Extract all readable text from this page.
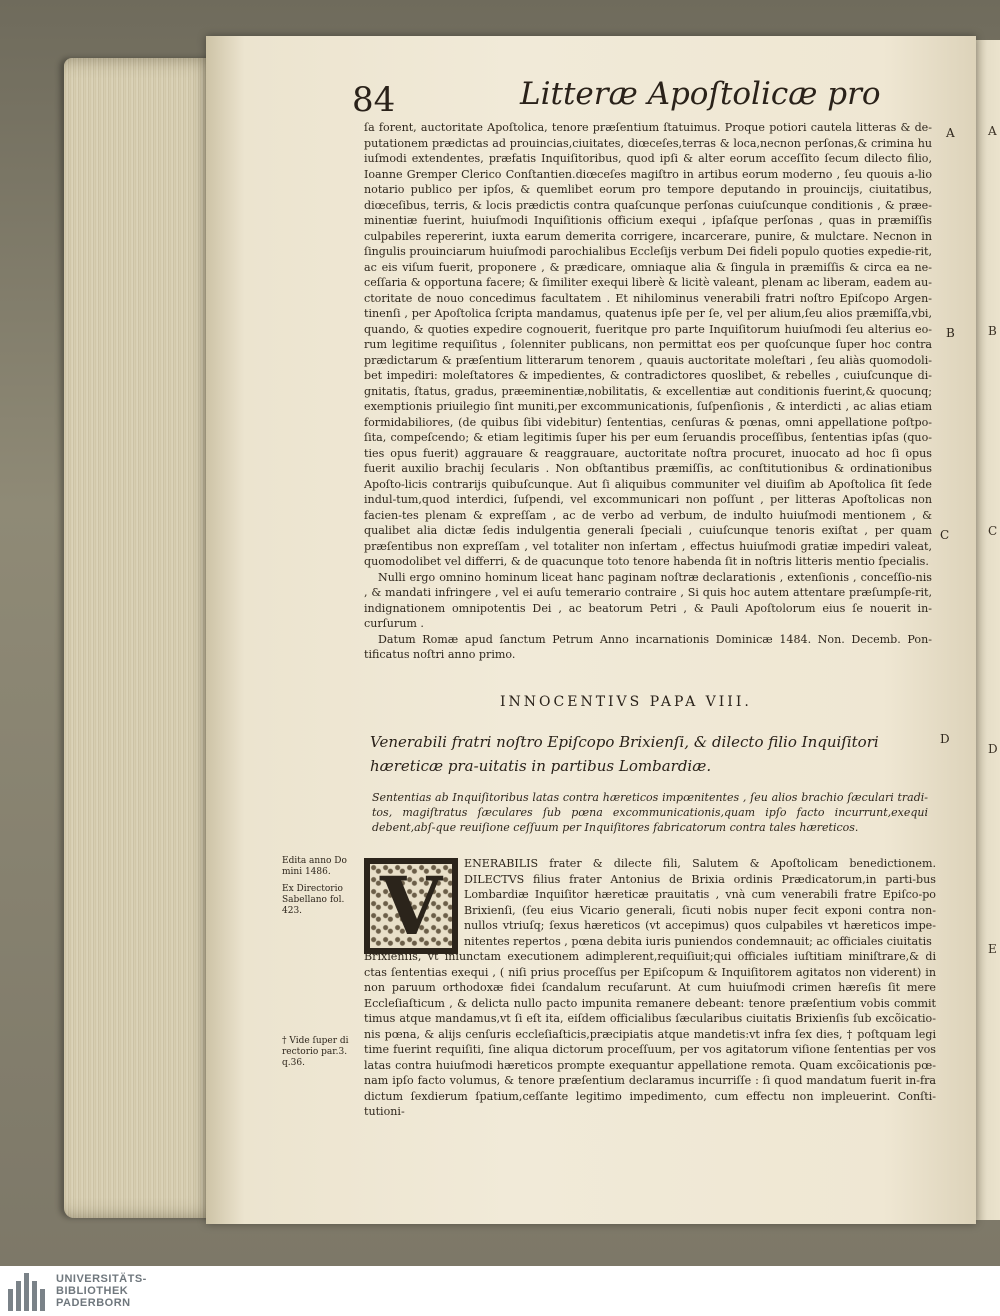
A
B
C
D
E
84	Litteræ Apoſtolicæ pro

ſa forent, auctoritate Apoſtolica, tenore præſentium ſtatuimus. Proque potiori cautela litteras & de-putationem prædictas ad prouincias,ciuitates, diœceſes,terras & loca,necnon perſonas,& crimina hu iuſmodi extendentes, præfatis Inquiſitoribus, quod ipſi & alter eorum acceſſito ſecum dilecto filio, Ioanne Gremper Clerico Conſtantien.diœceſes magiſtro in artibus eorum moderno , ſeu quouis a-lio notario publico per ipſos, & quemlibet eorum pro tempore deputando in prouincijs, ciuitatibus, diœceſibus, terris, & locis prædictis contra quaſcunque perſonas cuiuſcunque conditionis , & præe-minentiæ fuerint, huiuſmodi Inquiſitionis officium exequi , ipſaſque perſonas , quas in præmiſſis culpabiles repererint, iuxta earum demerita corrigere, incarcerare, punire, & mulctare. Necnon in ſingulis prouinciarum huiuſmodi parochialibus Eccleſijs verbum Dei fideli populo quoties expedie-rit, ac eis viſum fuerit, proponere , & prædicare, omniaque alia & ſingula in præmiſſis & circa ea ne-ceſſaria & opportuna facere; & ſimiliter exequi liberè & licitè valeant, plenam ac liberam, eadem au-ctoritate de nouo concedimus facultatem . Et nihilominus venerabili fratri noſtro Epiſcopo Argen-tinenſi , per Apoſtolica ſcripta mandamus, quatenus ipſe per ſe, vel per alium,ſeu alios præmiſſa,vbi, quando, & quoties expedire cognouerit, fueritque pro parte Inquiſitorum huiuſmodi ſeu alterius eo-rum legitime requiſitus , ſolenniter publicans, non permittat eos per quoſcunque ſuper hoc contra prædictarum & præſentium litterarum tenorem , quauis auctoritate moleſtari , ſeu aliàs quomodoli-bet impediri: moleſtatores & impedientes, & contradictores quoslibet, & rebelles , cuiuſcunque di-gnitatis, ſtatus, gradus, præeminentiæ,nobilitatis, & excellentiæ aut conditionis fuerint,& quocunq; exemptionis priuilegio ſint muniti,per excommunicationis, ſuſpenſionis , & interdicti , ac alias etiam formidabiliores, (de quibus ſibi videbitur) ſententias, cenſuras & pœnas, omni appellatione poſtpo-ſita, compeſcendo; & etiam legitimis ſuper his per eum ſeruandis proceſſibus, ſententias ipſas (quo-ties opus fuerit) aggrauare & reaggrauare, auctoritate noſtra procuret, inuocato ad hoc ſi opus fuerit auxilio brachij ſecularis . Non obſtantibus præmiſſis, ac conſtitutionibus & ordinationibus Apoſto-licis contrarijs quibuſcunque. Aut ſi aliquibus communiter vel diuiſim ab Apoſtolica ſit ſede indul-tum,quod interdici, ſuſpendi, vel excommunicari non poſſunt , per litteras Apoſtolicas non facien-tes plenam & expreſſam , ac de verbo ad verbum, de indulto huiuſmodi mentionem , & qualibet alia dictæ ſedis indulgentia generali ſpeciali , cuiuſcunque tenoris exiſtat , per quam præſentibus non expreſſam , vel totaliter non inſertam , effectus huiuſmodi gratiæ impediri valeat, quomodolibet vel differri, & de quacunque toto tenore habenda ſit in noſtris litteris mentio ſpecialis.

Nulli ergo omnino hominum liceat hanc paginam noſtræ declarationis , extenſionis , conceſſio-nis , & mandati infringere , vel ei auſu temerario contraire , Si quis hoc autem attentare præſumpſe-rit, indignationem omnipotentis Dei , ac beatorum Petri , & Pauli Apoſtolorum eius ſe nouerit in-curſurum .

Datum Romæ apud ſanctum Petrum Anno incarnationis Dominicæ 1484. Non. Decemb. Pon-tificatus noſtri anno primo.

A
B
C
D
INNOCENTIVS PAPA VIII.
Venerabili fratri noſtro Epiſcopo Brixienſi, & dilecto filio Inquiſitori hæreticæ pra-uitatis in partibus Lombardiæ.
Sententias ab Inquiſitoribus latas contra hæreticos impœnitentes , ſeu alios brachio ſæculari tradi-tos, magiſtratus ſæculares ſub pœna excommunicationis,quam ipſo facto incurrunt,exequi debent,abſ-que reuiſione ceſſuum per Inquiſitores fabricatorum contra tales hæreticos.
Edita anno Do mini 1486.
Ex Directorio Sabellano fol. 423.
† Vide ſuper di rectorio par.3. q.36.
V	ENERABILIS frater & dilecte fili, Salutem & Apoſtolicam benedictionem. DILECTVS filius frater Antonius de Brixia ordinis Prædicatorum,in parti-bus Lombardiæ Inquiſitor hæreticæ prauitatis , vnà cum venerabili fratre Epiſco-po Brixienſi, (ſeu eius Vicario generali, ſicuti nobis nuper fecit exponi contra non-nullos vtriuſq; ſexus hæreticos (vt accepimus) quos culpabiles vt hæreticos impe-nitentes repertos , pœna debita iuris puniendos condemnauit; ac officiales ciuitatis

Brixienſis, vt iniunctam executionem adimplerent,requiſiuit;qui officiales iuſtitiam miniſtrare,& di ctas ſententias exequi , ( niſi prius proceſſus per Epiſcopum & Inquiſitorem agitatos non viderent) in non paruum orthodoxæ fidei ſcandalum recuſarunt. At cum huiuſmodi crimen hæreſis ſit mere Eccleſiaſticum , & delicta nullo pacto impunita remanere debeant: tenore præſentium vobis commit timus atque mandamus,vt ſi eſt ita, eiſdem officialibus ſæcularibus ciuitatis Brixienſis ſub excõicatio-nis pœna, & alijs cenſuris eccleſiaſticis,præcipiatis atque mandetis:vt infra ſex dies, † poſtquam legi time fuerint requiſiti, ſine aliqua dictorum proceſſuum, per vos agitatorum viſione ſententias per vos latas contra huiuſmodi hæreticos prompte exequantur appellatione remota. Quam excõicationis pœ-nam ipſo facto volumus, & tenore præſentium declaramus incurriſſe : ſi quod mandatum fuerit in-fra dictum ſexdierum ſpatium,ceſſante legitimo impedimento, cum effectu non impleuerint. Conſti-tutioni-

UNIVERSITÄTS-
BIBLIOTHEK
PADERBORN
